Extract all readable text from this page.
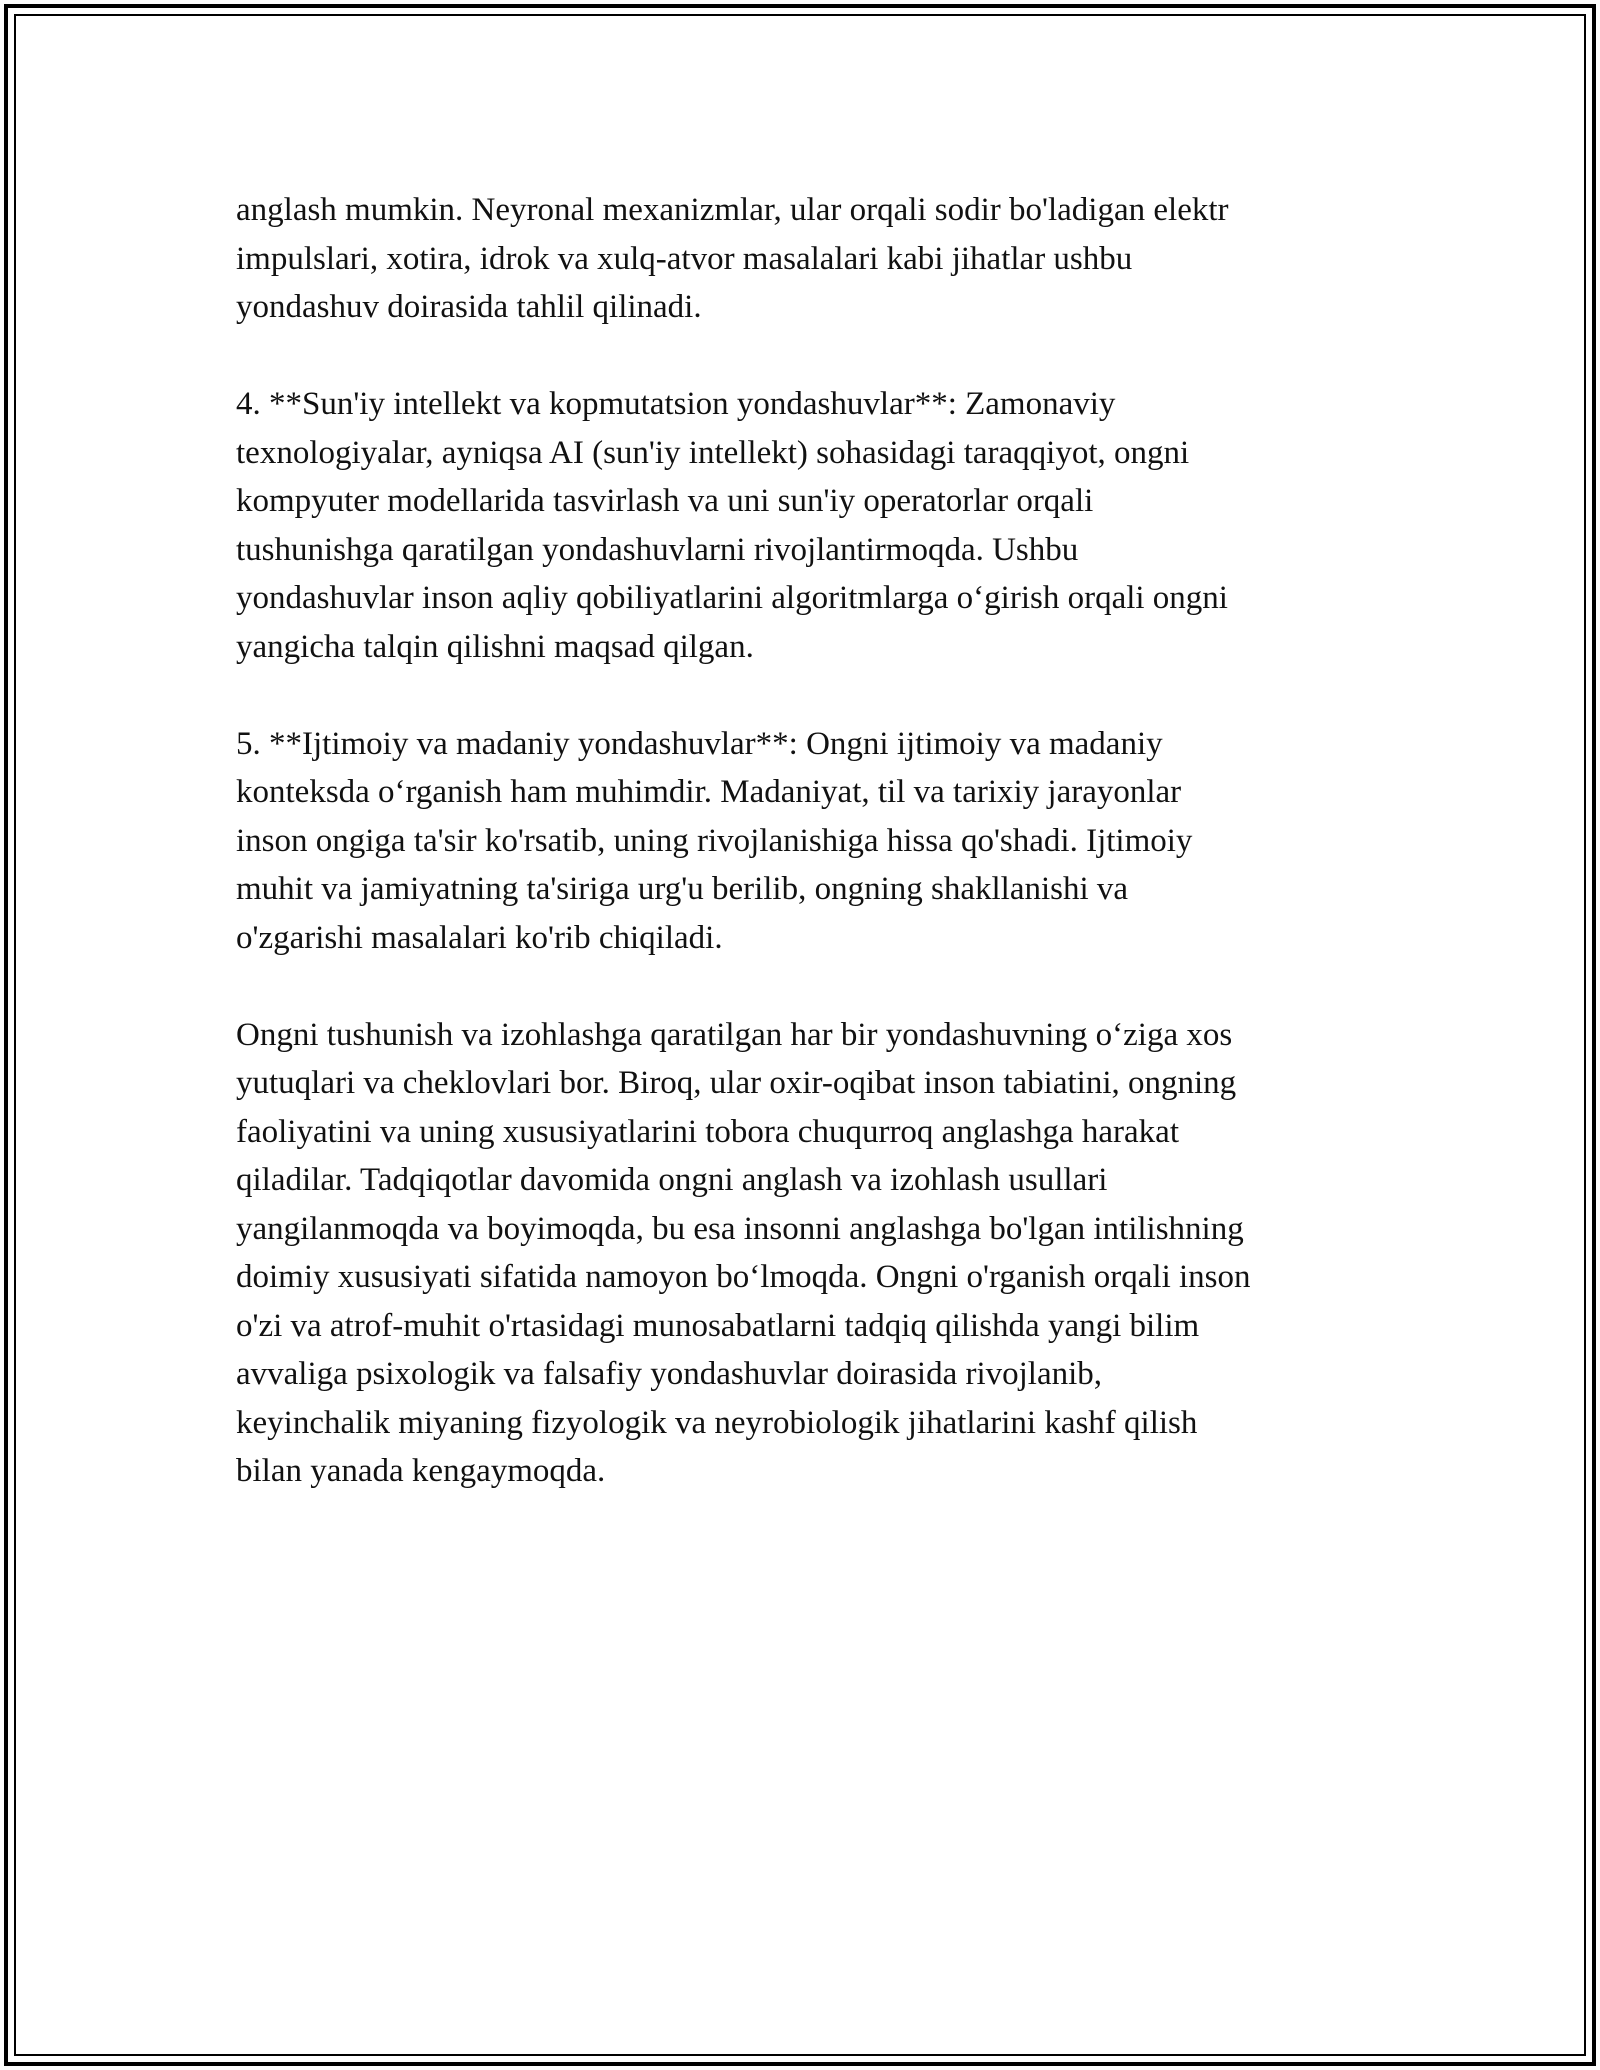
anglash mumkin. Neyronal mexanizmlar, ular orqali sodir bo'ladigan elektr
impulslari, xotira, idrok va xulq-atvor masalalari kabi jihatlar ushbu
yondashuv doirasida tahlil qilinadi.

4. **Sun'iy intellekt va kopmutatsion yondashuvlar**: Zamonaviy
texnologiyalar, ayniqsa AI (sun'iy intellekt) sohasidagi taraqqiyot, ongni
kompyuter modellarida tasvirlash va uni sun'iy operatorlar orqali
tushunishga qaratilgan yondashuvlarni rivojlantirmoqda. Ushbu
yondashuvlar inson aqliy qobiliyatlarini algoritmlarga o‘girish orqali ongni
yangicha talqin qilishni maqsad qilgan.

5. **Ijtimoiy va madaniy yondashuvlar**: Ongni ijtimoiy va madaniy
konteksda o‘rganish ham muhimdir. Madaniyat, til va tarixiy jarayonlar
inson ongiga ta'sir ko'rsatib, uning rivojlanishiga hissa qo'shadi. Ijtimoiy
muhit va jamiyatning ta'siriga urg'u berilib, ongning shakllanishi va
o'zgarishi masalalari ko'rib chiqiladi.

Ongni tushunish va izohlashga qaratilgan har bir yondashuvning o‘ziga xos
yutuqlari va cheklovlari bor. Biroq, ular oxir-oqibat inson tabiatini, ongning
faoliyatini va uning xususiyatlarini tobora chuqurroq anglashga harakat
qiladilar. Tadqiqotlar davomida ongni anglash va izohlash usullari
yangilanmoqda va boyimoqda, bu esa insonni anglashga bo'lgan intilishning
doimiy xususiyati sifatida namoyon bo‘lmoqda. Ongni o'rganish orqali inson
o'zi va atrof-muhit o'rtasidagi munosabatlarni tadqiq qilishda yangi bilim
avvaliga psixologik va falsafiy yondashuvlar doirasida rivojlanib,
keyinchalik miyaning fizyologik va neyrobiologik jihatlarini kashf qilish
bilan yanada kengaymoqda.
